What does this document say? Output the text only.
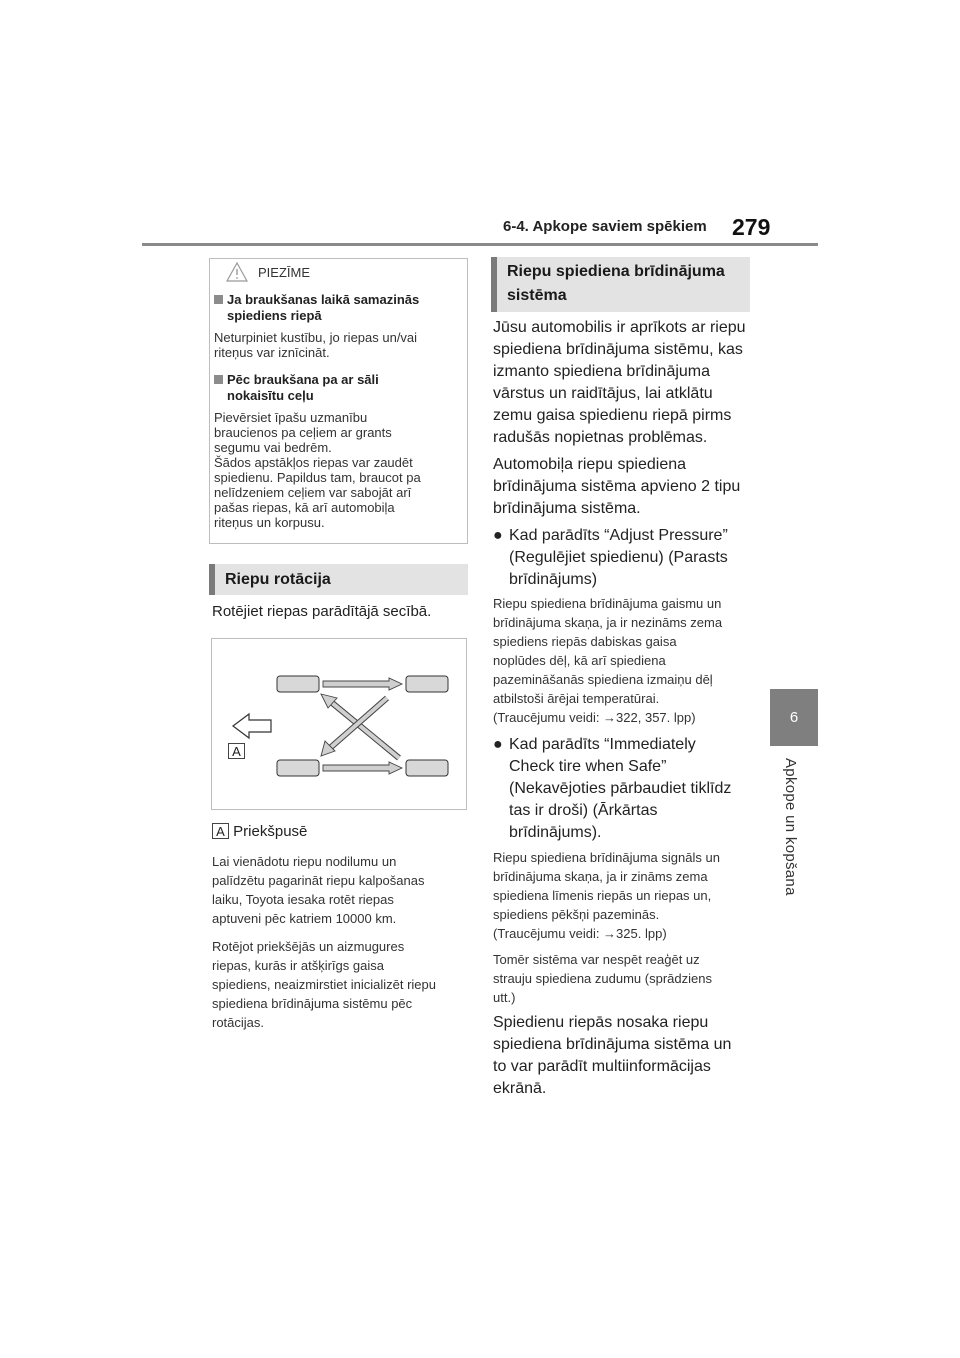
6-4. Apkope saviem spēkiem 279
6
Apkope un kopšana
PIEZĪME
Ja braukšanas laikā samazinās
spiediens riepā
Neturpiniet kustību, jo riepas un/vai
riteņus var iznīcināt.
Pēc braukšana pa ar sāli
nokaisītu ceļu
Pievērsiet īpašu uzmanību
braucienos pa ceļiem ar grants
segumu vai bedrēm.
Šādos apstākļos riepas var zaudēt
spiedienu. Papildus tam, braucot pa
nelīdzeniem ceļiem var sabojāt arī
pašas riepas, kā arī automobiļa
riteņus un korpusu.
Riepu rotācija
Rotējiet riepas parādītājā secībā.
A
A Priekšpusē
Lai vienādotu riepu nodilumu un
palīdzētu pagarināt riepu kalpošanas
laiku, Toyota iesaka rotēt riepas
aptuveni pēc katriem 10000 km.
Rotējot priekšējās un aizmugures
riepas, kurās ir atšķirīgs gaisa
spiediens, neaizmirstiet inicializēt riepu
spiediena brīdinājuma sistēmu pēc
rotācijas.
Riepu spiediena brīdinājuma
sistēma
Jūsu automobilis ir aprīkots ar riepu
spiediena brīdinājuma sistēmu, kas
izmanto spiediena brīdinājuma
vārstus un raidītājus, lai atklātu
zemu gaisa spiedienu riepā pirms
radušās nopietnas problēmas.
Automobiļa riepu spiediena
brīdinājuma sistēma apvieno 2 tipu
brīdinājuma sistēma.
● Kad parādīts “Adjust Pressure”
(Regulējiet spiedienu) (Parasts
brīdinājums)
Riepu spiediena brīdinājuma gaismu un
brīdinājuma skaņa, ja ir nezināms zema
spiediens riepās dabiskas gaisa
noplūdes dēļ, kā arī spiediena
pazemināšanās spiediena izmaiņu dēļ
atbilstoši ārējai temperatūrai.
(Traucējumu veidi: →322, 357. lpp)
● Kad parādīts “Immediately
Check tire when Safe”
(Nekavējoties pārbaudiet tiklīdz
tas ir droši) (Ārkārtas
brīdinājums).
Riepu spiediena brīdinājuma signāls un
brīdinājuma skaņa, ja ir zināms zema
spiediena līmenis riepās un riepas un,
spiediens pēkšņi pazeminās.
(Traucējumu veidi: →325. lpp)
Tomēr sistēma var nespēt reaģēt uz
strauju spiediena zudumu (sprādziens
utt.)
Spiedienu riepās nosaka riepu
spiediena brīdinājuma sistēma un
to var parādīt multiinformācijas
ekrānā.
